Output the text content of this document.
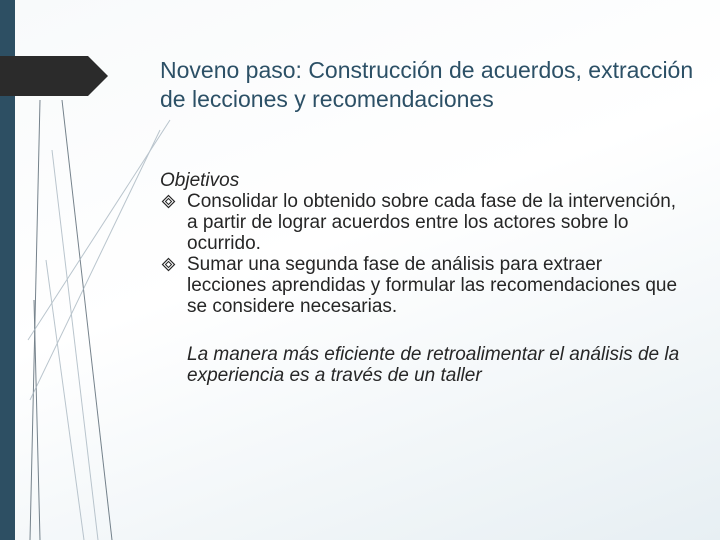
Noveno paso: Construcción de acuerdos, extracción de lecciones y recomendaciones
Objetivos
Consolidar lo obtenido sobre cada fase de la intervención, a partir de lograr acuerdos entre los actores sobre lo ocurrido.
Sumar una segunda fase de análisis para extraer lecciones aprendidas y formular las recomendaciones que se considere necesarias.

La manera más eficiente de retroalimentar el análisis de la experiencia es a través de un taller
